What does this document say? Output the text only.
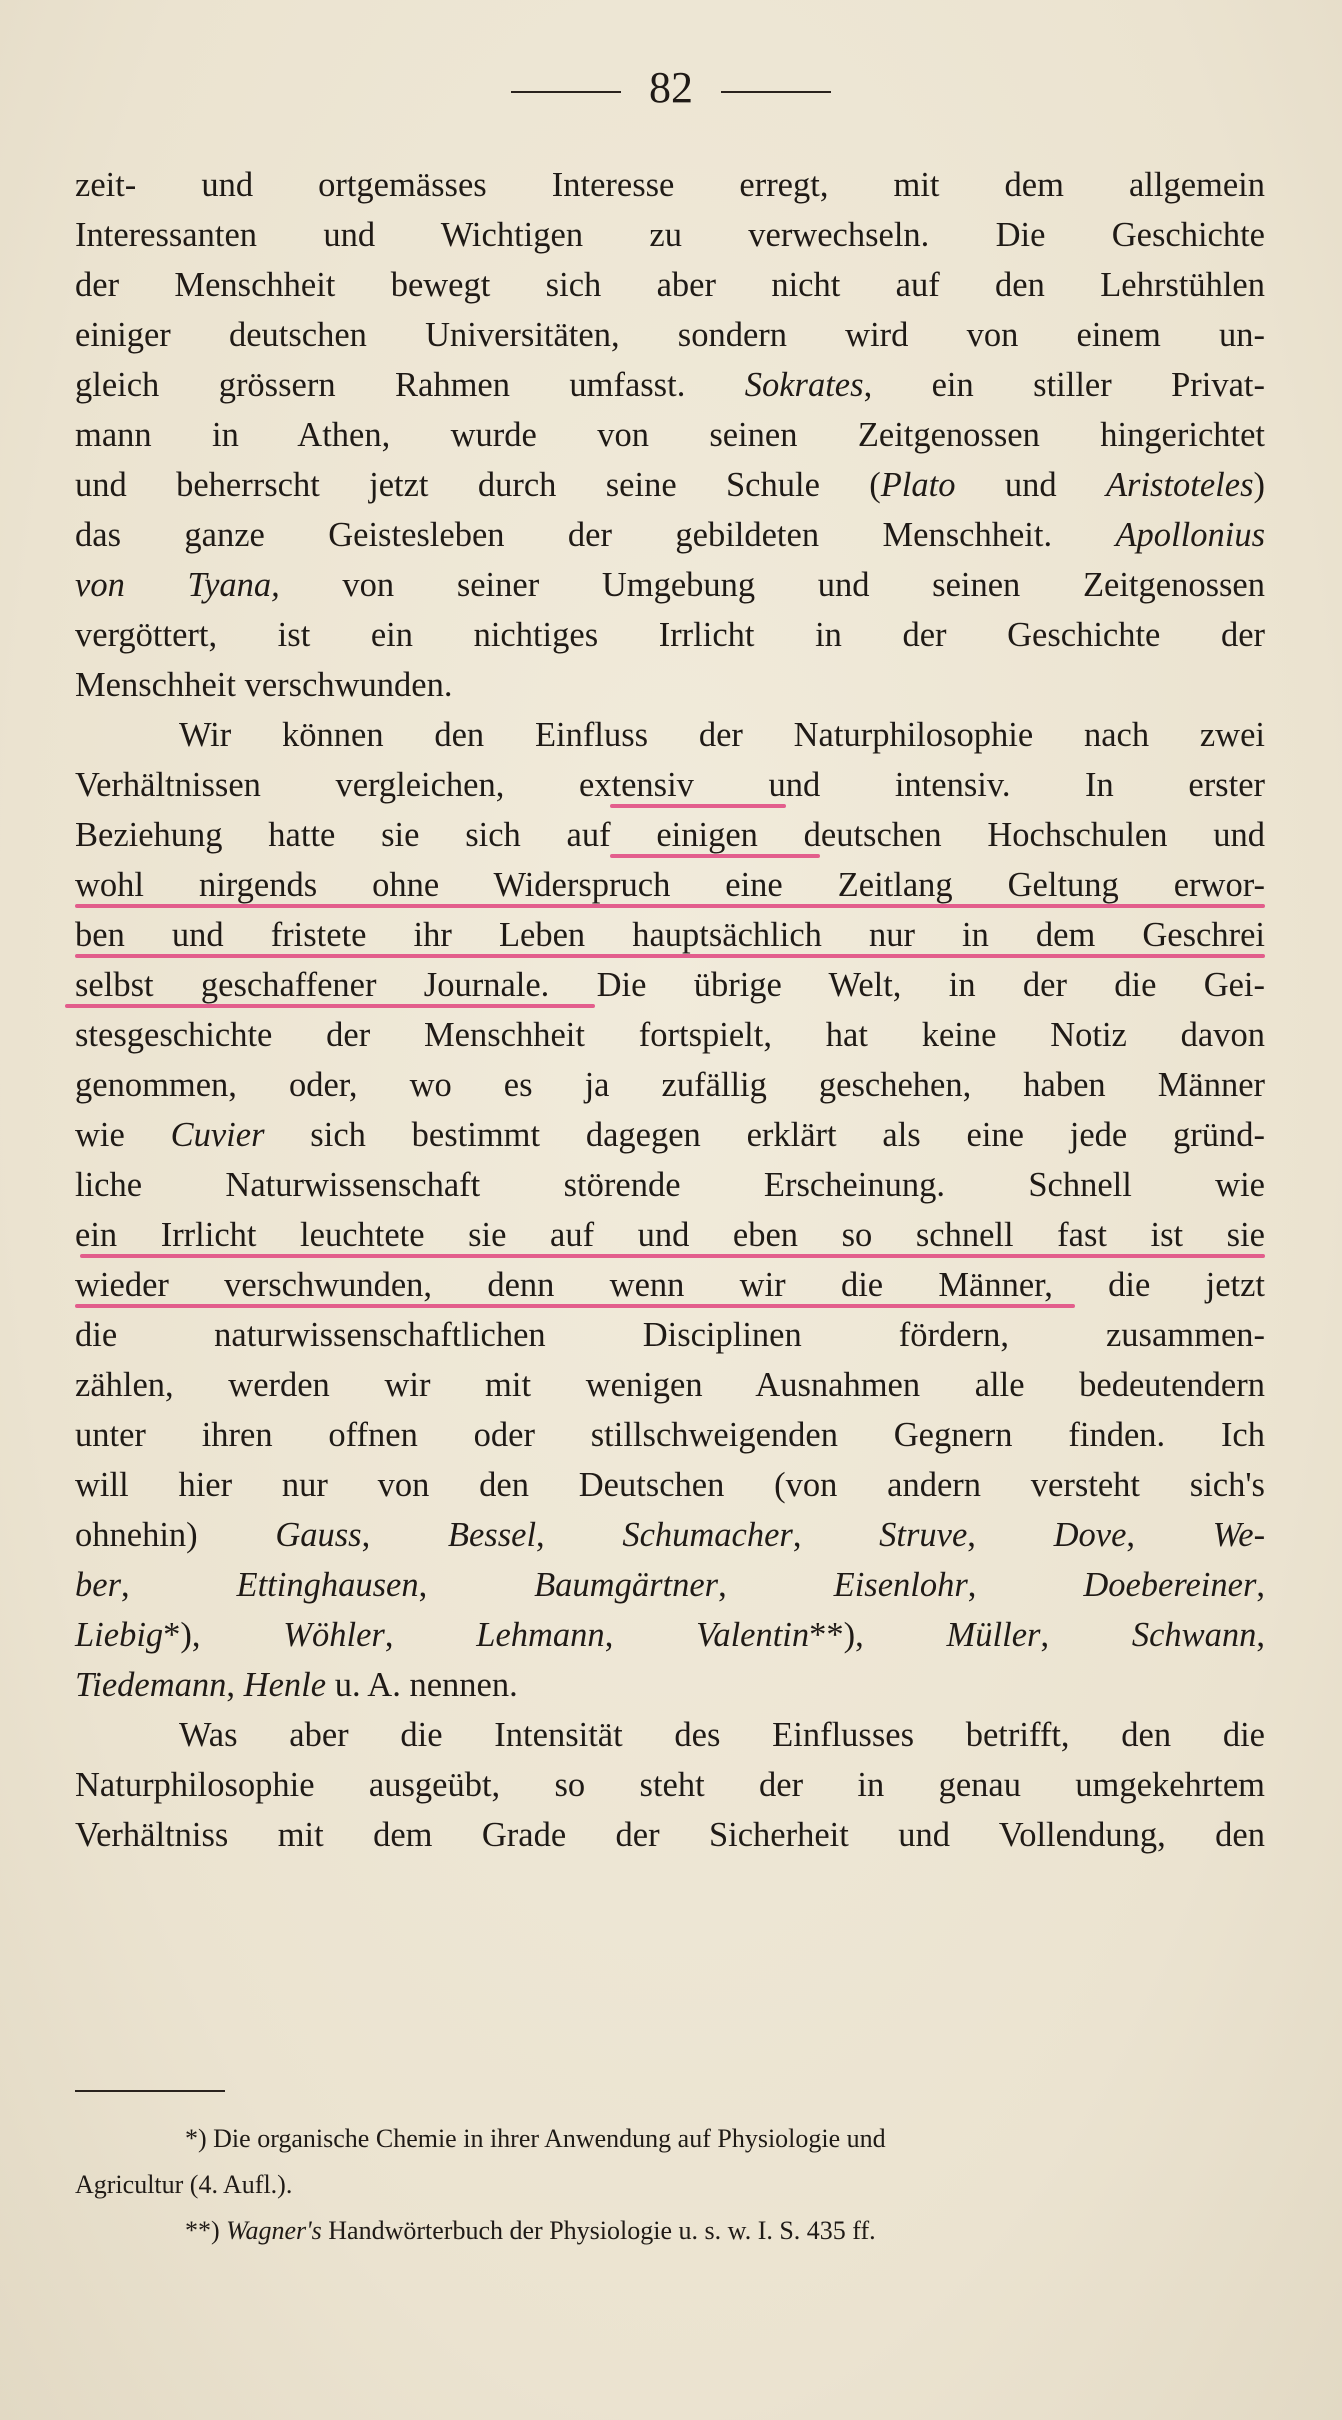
82
zeit- und ortgemässes Interesse erregt, mit dem allgemein
Interessanten und Wichtigen zu verwechseln. Die Geschichte
der Menschheit bewegt sich aber nicht auf den Lehrstühlen
einiger deutschen Universitäten, sondern wird von einem un-
gleich grössern Rahmen umfasst. Sokrates, ein stiller Privat-
mann in Athen, wurde von seinen Zeitgenossen hingerichtet
und beherrscht jetzt durch seine Schule (Plato und Aristoteles)
das ganze Geistesleben der gebildeten Menschheit. Apollonius
von Tyana, von seiner Umgebung und seinen Zeitgenossen
vergöttert, ist ein nichtiges Irrlicht in der Geschichte der
Menschheit verschwunden.
Wir können den Einfluss der Naturphilosophie nach zwei
Verhältnissen vergleichen, extensiv und intensiv. In erster
Beziehung hatte sie sich auf einigen deutschen Hochschulen und
wohl nirgends ohne Widerspruch eine Zeitlang Geltung erwor-
ben und fristete ihr Leben hauptsächlich nur in dem Geschrei
selbst geschaffener Journale. Die übrige Welt, in der die Gei-
stesgeschichte der Menschheit fortspielt, hat keine Notiz davon
genommen, oder, wo es ja zufällig geschehen, haben Männer
wie Cuvier sich bestimmt dagegen erklärt als eine jede gründ-
liche Naturwissenschaft störende Erscheinung. Schnell wie
ein Irrlicht leuchtete sie auf und eben so schnell fast ist sie
wieder verschwunden, denn wenn wir die Männer, die jetzt
die naturwissenschaftlichen Disciplinen fördern, zusammen-
zählen, werden wir mit wenigen Ausnahmen alle bedeutendern
unter ihren offnen oder stillschweigenden Gegnern finden. Ich
will hier nur von den Deutschen (von andern versteht sich's
ohnehin) Gauss, Bessel, Schumacher, Struve, Dove, We-
ber, Ettinghausen, Baumgärtner, Eisenlohr, Doebereiner,
Liebig*), Wöhler, Lehmann, Valentin**), Müller, Schwann,
Tiedemann, Henle u. A. nennen.
Was aber die Intensität des Einflusses betrifft, den die
Naturphilosophie ausgeübt, so steht der in genau umgekehrtem
Verhältniss mit dem Grade der Sicherheit und Vollendung, den
*) Die organische Chemie in ihrer Anwendung auf Physiologie und
Agricultur (4. Aufl.).
**) Wagner's Handwörterbuch der Physiologie u. s. w. I. S. 435 ff.
